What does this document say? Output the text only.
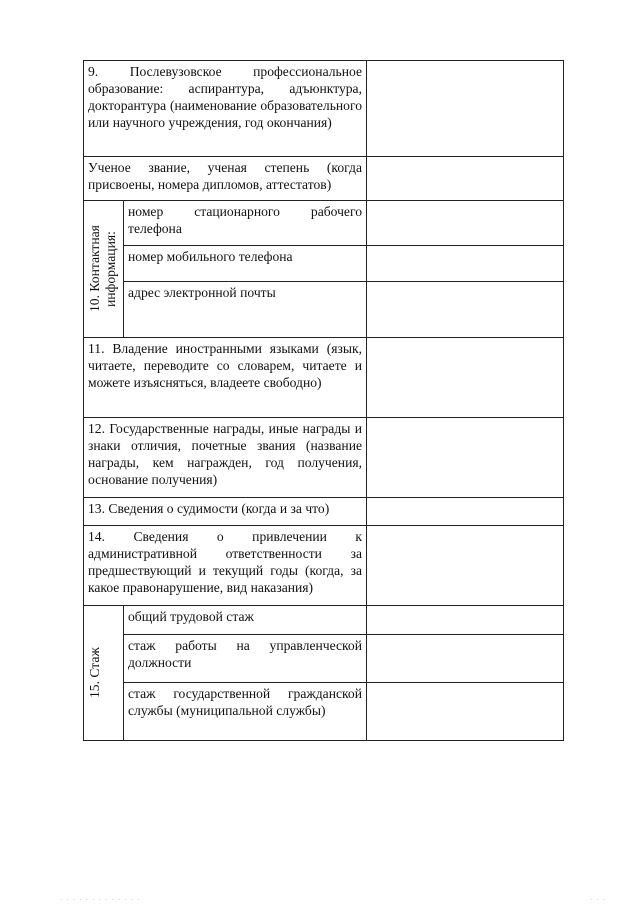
9. Послевузовское профессиональное образование: аспирантура, адъюнктура, докторантура (наименование образовательного или научного учреждения, год окончания)		
Ученое звание, ученая степень (когда присвоены, номера дипломов, аттестатов)		

10. Контактная информация:	номер стационарного рабочего телефона	
	номер мобильного телефона	
	адрес электронной почты	
11. Владение иностранными языками (язык, читаете, переводите со словарем, читаете и можете изъясняться, владеете свободно)		
12. Государственные награды, иные награды и знаки отличия, почетные звания (название награды, кем награжден, год получения, основание получения)		
13. Сведения о судимости (когда и за что)		
14. Сведения о привлечении к административной ответственности за предшествующий и текущий годы (когда, за какое правонарушение, вид наказания)		

15. Стаж	общий трудовой стаж	
	стаж работы на управленческой должности	
	стаж государственной гражданской службы (муниципальной службы)	
. . . . . . . . . . . . .	. . .
